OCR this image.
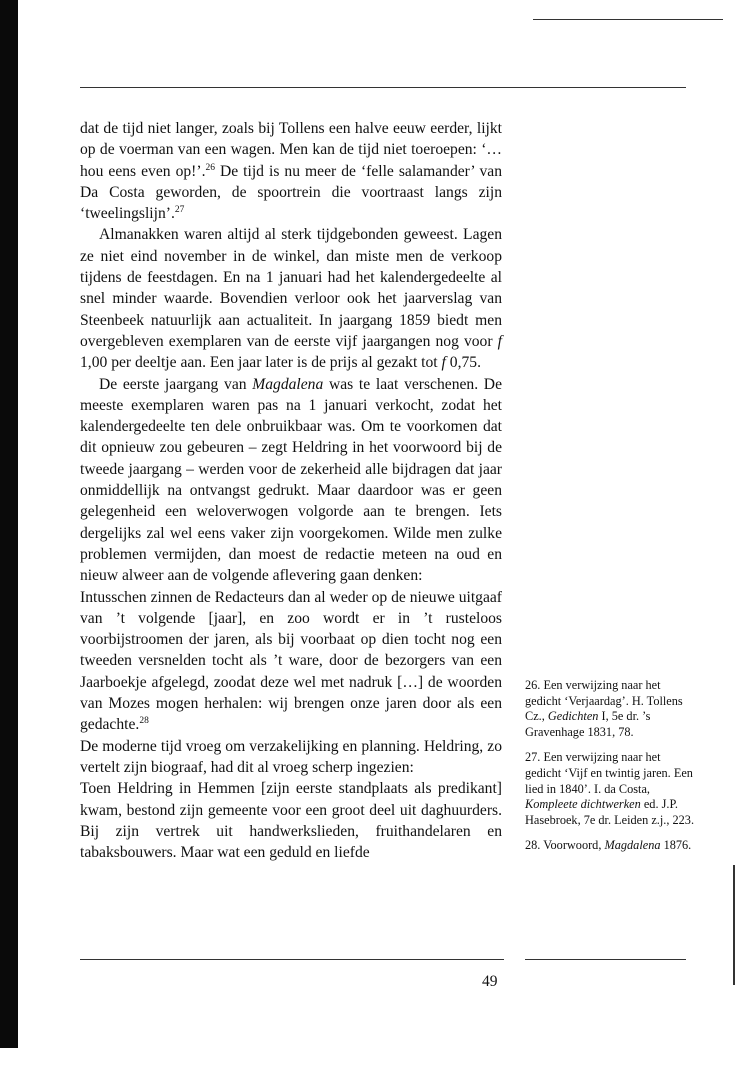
dat de tijd niet langer, zoals bij Tollens een halve eeuw eerder, lijkt op de voerman van een wagen. Men kan de tijd niet toeroepen: ‘… hou eens even op!’.$^{26}$ De tijd is nu meer de ‘felle salamander’ van Da Costa geworden, de spoortrein die voortraast langs zijn ‘tweelingslijn’.$^{27}$

Almanakken waren altijd al sterk tijdgebonden geweest. Lagen ze niet eind november in de winkel, dan miste men de verkoop tijdens de feestdagen. En na 1 januari had het kalendergedeelte al snel minder waarde. Bovendien verloor ook het jaarverslag van Steenbeek natuurlijk aan actualiteit. In jaargang 1859 biedt men overgebleven exemplaren van de eerste vijf jaargangen nog voor f 1,00 per deeltje aan. Een jaar later is de prijs al gezakt tot f 0,75.

De eerste jaargang van Magdalena was te laat verschenen. De meeste exemplaren waren pas na 1 januari verkocht, zodat het kalendergedeelte ten dele onbruikbaar was. Om te voorkomen dat dit opnieuw zou gebeuren – zegt Heldring in het voorwoord bij de tweede jaargang – werden voor de zekerheid alle bijdragen dat jaar onmiddellijk na ontvangst gedrukt. Maar daardoor was er geen gelegenheid een weloverwogen volgorde aan te brengen. Iets dergelijks zal wel eens vaker zijn voorgekomen. Wilde men zulke problemen vermijden, dan moest de redactie meteen na oud en nieuw alweer aan de volgende aflevering gaan denken:

Intusschen zinnen de Redacteurs dan al weder op de nieuwe uitgaaf van ’t volgende [jaar], en zoo wordt er in ’t rusteloos voorbijstroomen der jaren, als bij voorbaat op dien tocht nog een tweeden versnelden tocht als ’t ware, door de bezorgers van een Jaarboekje afgelegd, zoodat deze wel met nadruk […] de woorden van Mozes mogen herhalen: wij brengen onze jaren door als een gedachte.$^{28}$

De moderne tijd vroeg om verzakelijking en planning. Heldring, zo vertelt zijn biograaf, had dit al vroeg scherp ingezien:

Toen Heldring in Hemmen [zijn eerste standplaats als predikant] kwam, bestond zijn gemeente voor een groot deel uit daghuurders. Bij zijn vertrek uit handwerkslieden, fruithandelaren en tabaksbouwers. Maar wat een geduld en liefde

26. Een verwijzing naar het gedicht ‘Verjaardag’. H. Tollens Cz., Gedichten I, 5e dr. ’s Gravenhage 1831, 78.

27. Een verwijzing naar het gedicht ‘Vijf en twintig jaren. Een lied in 1840’. I. da Costa, Kompleete dichtwerken ed. J.P. Hasebroek, 7e dr. Leiden z.j., 223.

28. Voorwoord, Magdalena 1876.

49
